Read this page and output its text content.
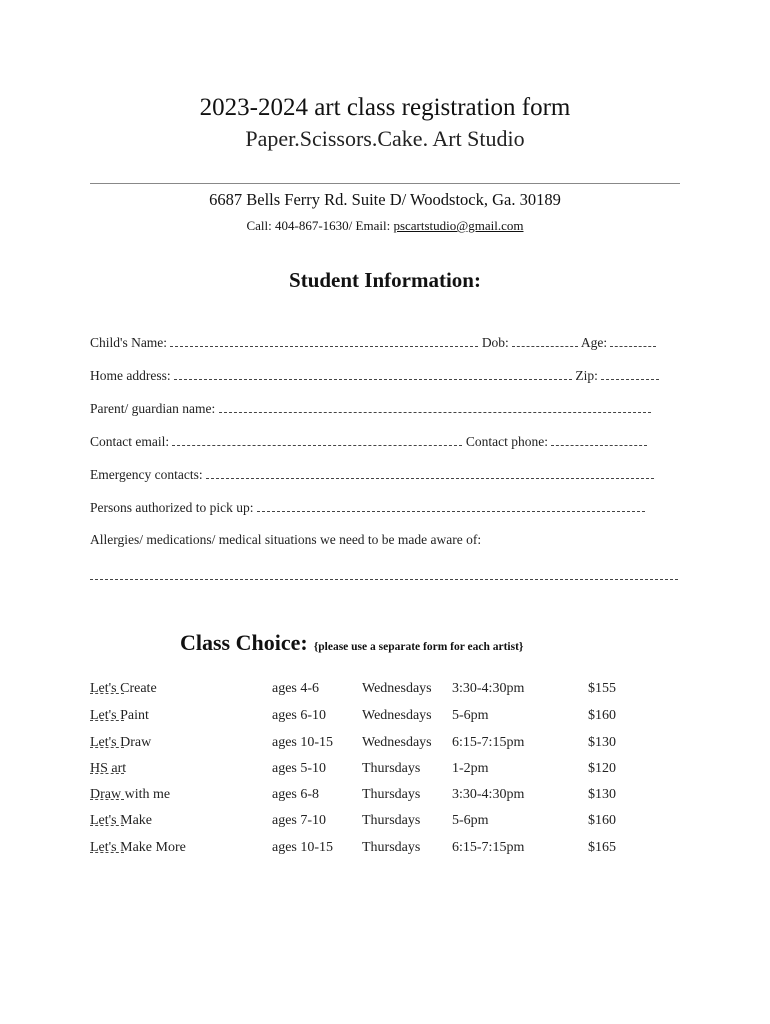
2023-2024 art class registration form
Paper.Scissors.Cake. Art Studio
6687 Bells Ferry Rd. Suite D/ Woodstock, Ga. 30189
Call: 404-867-1630/ Email: pscartstudio@gmail.com
Student Information:
Child's Name:	Dob:	Age:
Home address:	Zip:
Parent/ guardian name:
Contact email:	Contact phone:
Emergency contacts:
Persons authorized to pick up:
Allergies/ medications/ medical situations we need to be made aware of:
Class Choice: {please use a separate form for each artist}
Let's Create	ages 4-6	Wednesdays 3:30-4:30pm	$155
Let's Paint	ages 6-10	Wednesdays 5-6pm	$160
Let's Draw	ages 10-15 Wednesdays 6:15-7:15pm	$130
HS art	ages 5-10	Thursdays 1-2pm	$120
Draw with me	ages 6-8	Thursdays 3:30-4:30pm	$130
Let's Make	ages 7-10	Thursdays 5-6pm	$160
Let's Make More	ages 10-15 Thursdays 6:15-7:15pm	$165
